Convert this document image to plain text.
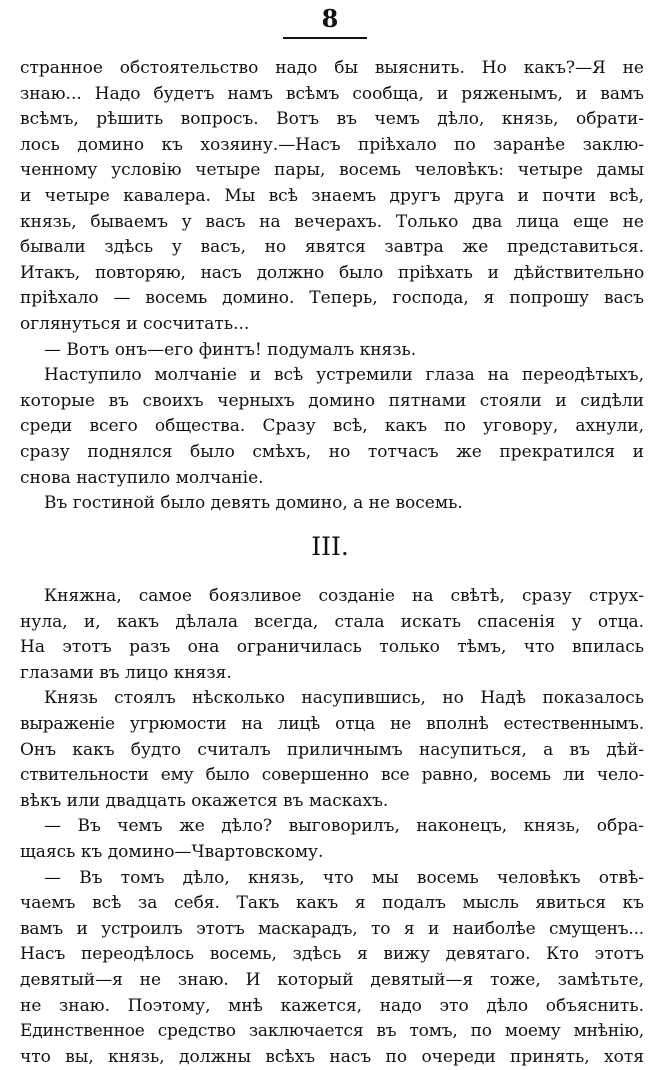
8
странное обстоятельство надо бы выяснить. Но какъ?—Я не
знаю... Надо будетъ намъ всѣмъ сообща, и ряженымъ, и вамъ
всѣмъ, рѣшить вопросъ. Вотъ въ чемъ дѣло, князь, обрати-
лось домино къ хозяину.—Насъ пріѣхало по заранѣе заклю-
ченному условію четыре пары, восемь человѣкъ: четыре дамы
и четыре кавалера. Мы всѣ знаемъ другъ друга и почти всѣ,
князь, бываемъ у васъ на вечерахъ. Только два лица еще не
бывали здѣсь у васъ, но явятся завтра же представиться.
Итакъ, повторяю, насъ должно было пріѣхать и дѣйствительно
пріѣхало — восемь домино. Теперь, господа, я попрошу васъ
оглянуться и сосчитать...
— Вотъ онъ—его финтъ! подумалъ князь.
Наступило молчаніе и всѣ устремили глаза на переодѣтыхъ,
которые въ своихъ черныхъ домино пятнами стояли и сидѣли
среди всего общества. Сразу всѣ, какъ по уговору, ахнули,
сразу поднялся было смѣхъ, но тотчасъ же прекратился и
снова наступило молчаніе.
Въ гостиной было девять домино, а не восемь.
III.
Княжна, самое боязливое созданіе на свѣтѣ, сразу струх-
нула, и, какъ дѣлала всегда, стала искать спасенія у отца.
На этотъ разъ она ограничилась только тѣмъ, что впилась
глазами въ лицо князя.
Князь стоялъ нѣсколько насупившись, но Надѣ показалось
выраженіе угрюмости на лицѣ отца не вполнѣ естественнымъ.
Онъ какъ будто считалъ приличнымъ насупиться, а въ дѣй-
ствительности ему было совершенно все равно, восемь ли чело-
вѣкъ или двадцать окажется въ маскахъ.
— Въ чемъ же дѣло? выговорилъ, наконецъ, князь, обра-
щаясь къ домино—Чвартовскому.
— Въ томъ дѣло, князь, что мы восемь человѣкъ отвѣ-
чаемъ всѣ за себя. Такъ какъ я подалъ мысль явиться къ
вамъ и устроилъ этотъ маскарадъ, то я и наиболѣе смущенъ...
Насъ переодѣлось восемь, здѣсь я вижу девятаго. Кто этотъ
девятый—я не знаю. И который девятый—я тоже, замѣтьте,
не знаю. Поэтому, мнѣ кажется, надо это дѣло объяснить.
Единственное средство заключается въ томъ, по моему мнѣнію,
что вы, князь, должны всѣхъ насъ по очереди принять, хотя
